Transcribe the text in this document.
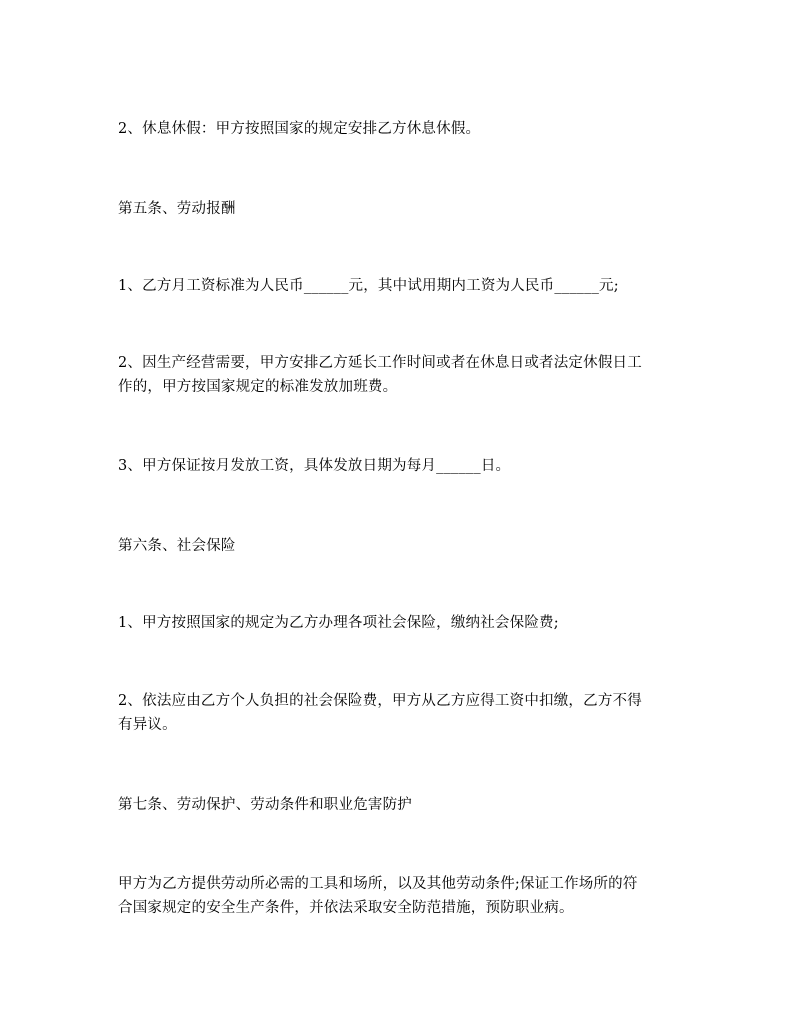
2、休息休假：甲方按照国家的规定安排乙方休息休假。
第五条、劳动报酬
1、乙方月工资标准为人民币______元，其中试用期内工资为人民币______元;
2、因生产经营需要，甲方安排乙方延长工作时间或者在休息日或者法定休假日工
作的，甲方按国家规定的标准发放加班费。
3、甲方保证按月发放工资，具体发放日期为每月______日。
第六条、社会保险
1、甲方按照国家的规定为乙方办理各项社会保险，缴纳社会保险费;
2、依法应由乙方个人负担的社会保险费，甲方从乙方应得工资中扣缴，乙方不得
有异议。
第七条、劳动保护、劳动条件和职业危害防护
甲方为乙方提供劳动所必需的工具和场所，以及其他劳动条件;保证工作场所的符
合国家规定的安全生产条件，并依法采取安全防范措施，预防职业病。
